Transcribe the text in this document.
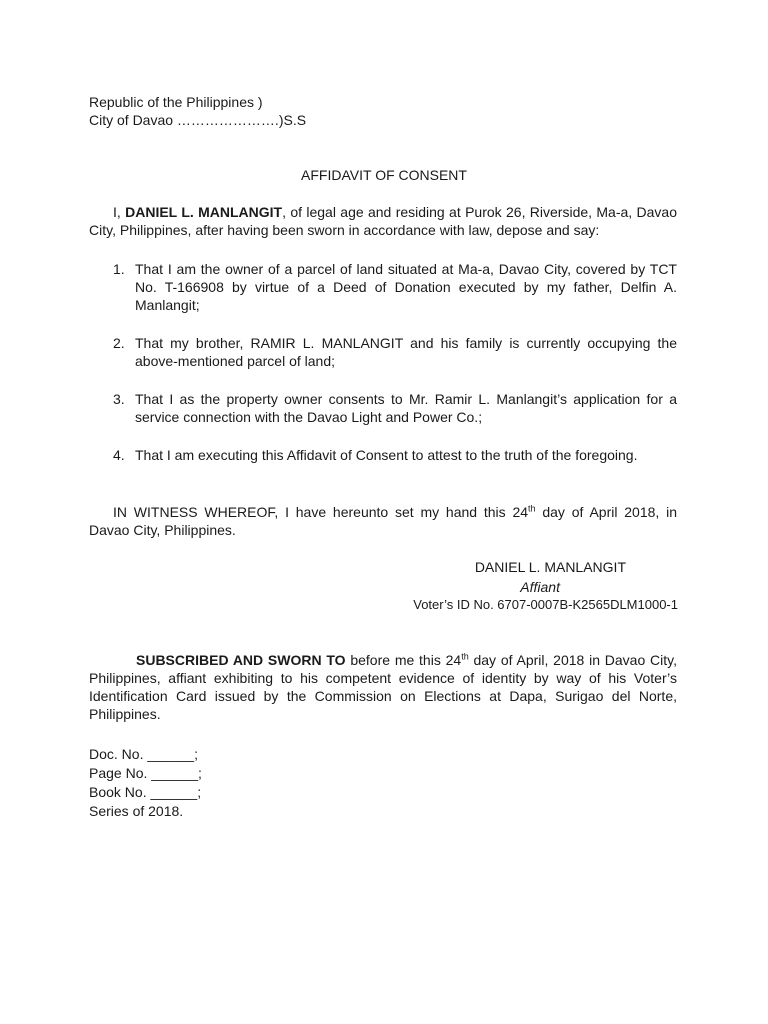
Republic of the Philippines )
City of Davao ………………….)S.S
AFFIDAVIT OF CONSENT
I, DANIEL L. MANLANGIT, of legal age and residing at Purok 26, Riverside, Ma-a, Davao City, Philippines, after having been sworn in accordance with law, depose and say:
1. That I am the owner of a parcel of land situated at Ma-a, Davao City, covered by TCT No. T-166908 by virtue of a Deed of Donation executed by my father, Delfin A. Manlangit;
2. That my brother, RAMIR L. MANLANGIT and his family is currently occupying the above-mentioned parcel of land;
3. That I as the property owner consents to Mr. Ramir L. Manlangit’s application for a service connection with the Davao Light and Power Co.;
4. That I am executing this Affidavit of Consent to attest to the truth of the foregoing.
IN WITNESS WHEREOF, I have hereunto set my hand this 24th day of April 2018, in Davao City, Philippines.
DANIEL L. MANLANGIT
Affiant
Voter’s ID No. 6707-0007B-K2565DLM1000-1
SUBSCRIBED AND SWORN TO before me this 24th day of April, 2018 in Davao City, Philippines, affiant exhibiting to his competent evidence of identity by way of his Voter’s Identification Card issued by the Commission on Elections at Dapa, Surigao del Norte, Philippines.
Doc. No. ______;
Page No. ______;
Book No. ______;
Series of 2018.
